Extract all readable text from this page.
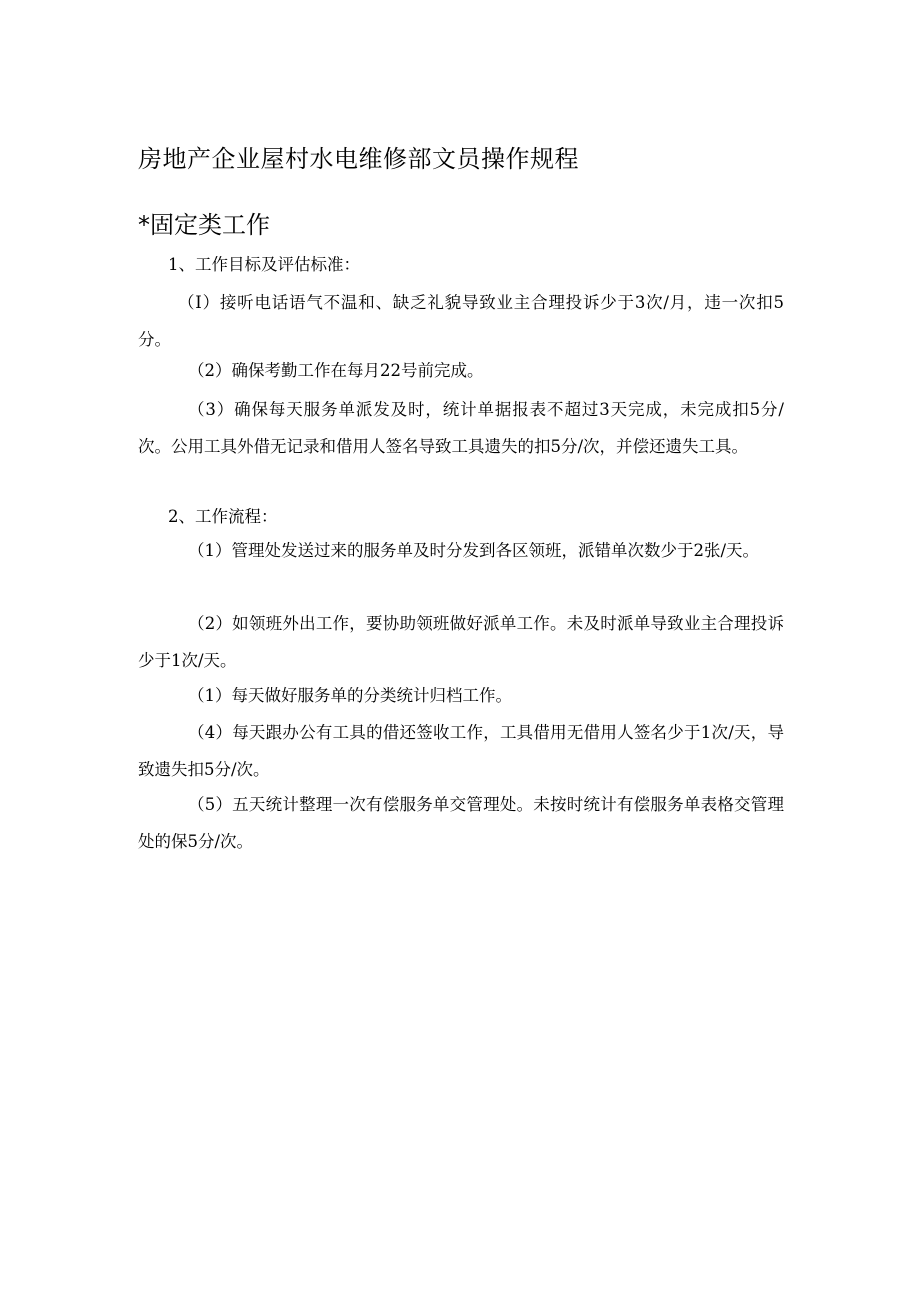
房地产企业屋村水电维修部文员操作规程
*固定类工作
1、工作目标及评估标准：
（I）接听电话语气不温和、缺乏礼貌导致业主合理投诉少于3次/月，违一次扣5分。
（2）确保考勤工作在每月22号前完成。
（3）确保每天服务单派发及时，统计单据报表不超过3天完成，未完成扣5分/次。公用工具外借无记录和借用人签名导致工具遗失的扣5分/次，并偿还遗失工具。
2、工作流程：
（1）管理处发送过来的服务单及时分发到各区领班，派错单次数少于2张/天。
（2）如领班外出工作，要协助领班做好派单工作。未及时派单导致业主合理投诉少于1次/天。
（1）每天做好服务单的分类统计归档工作。
（4）每天跟办公有工具的借还签收工作，工具借用无借用人签名少于1次/天，导致遗失扣5分/次。
（5）五天统计整理一次有偿服务单交管理处。未按时统计有偿服务单表格交管理处的保5分/次。
